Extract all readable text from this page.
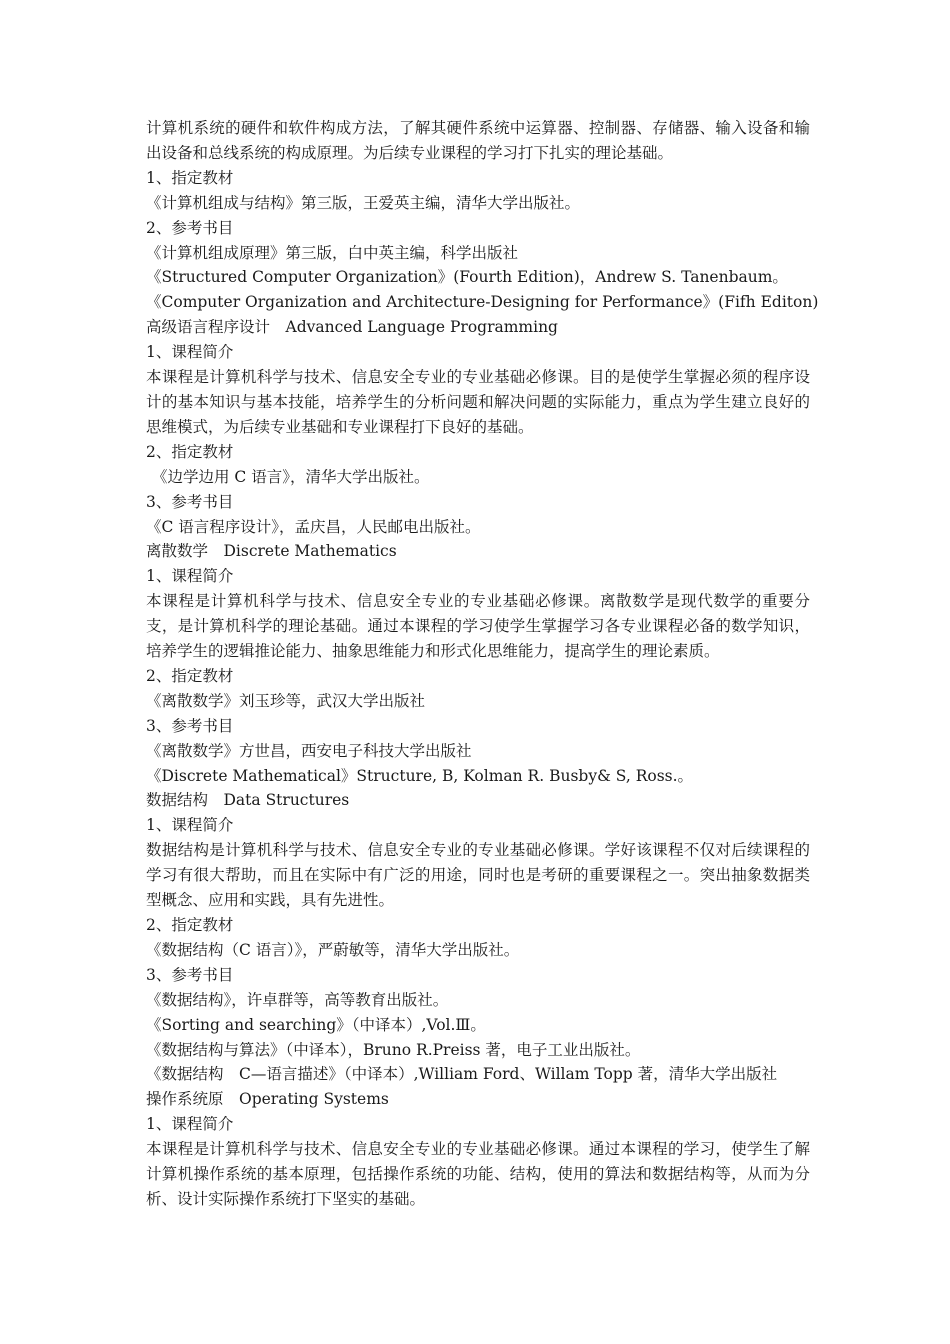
计算机系统的硬件和软件构成方法，了解其硬件系统中运算器、控制器、存储器、输入设备和输出设备和总线系统的构成原理。为后续专业课程的学习打下扎实的理论基础。

1、指定教材

《计算机组成与结构》第三版，王爱英主编，清华大学出版社。

2、参考书目

《计算机组成原理》第三版，白中英主编，科学出版社

《Structured Computer Organization》(Fourth Edition)，Andrew S. Tanenbaum。

《Computer Organization and Architecture-Designing for Performance》(Fifh Editon)

高级语言程序设计　Advanced Language Programming

1、课程简介

本课程是计算机科学与技术、信息安全专业的专业基础必修课。目的是使学生掌握必须的程序设计的基本知识与基本技能，培养学生的分析问题和解决问题的实际能力，重点为学生建立良好的思维模式，为后续专业基础和专业课程打下良好的基础。

2、指定教材

《边学边用 C 语言》，清华大学出版社。

3、参考书目

《C 语言程序设计》，孟庆昌，人民邮电出版社。

离散数学　Discrete Mathematics

1、课程简介

本课程是计算机科学与技术、信息安全专业的专业基础必修课。离散数学是现代数学的重要分支，是计算机科学的理论基础。通过本课程的学习使学生掌握学习各专业课程必备的数学知识，培养学生的逻辑推论能力、抽象思维能力和形式化思维能力，提高学生的理论素质。

2、指定教材

《离散数学》刘玉珍等，武汉大学出版社

3、参考书目

《离散数学》方世昌，西安电子科技大学出版社

《Discrete Mathematical》Structure, B, Kolman R. Busby& S, Ross.。

数据结构　Data Structures

1、课程简介

数据结构是计算机科学与技术、信息安全专业的专业基础必修课。学好该课程不仅对后续课程的学习有很大帮助，而且在实际中有广泛的用途，同时也是考研的重要课程之一。突出抽象数据类型概念、应用和实践，具有先进性。

2、指定教材

《数据结构（C 语言）》，严蔚敏等，清华大学出版社。

3、参考书目

《数据结构》，许卓群等，高等教育出版社。

《Sorting and searching》（中译本）,Vol.Ⅲ。

《数据结构与算法》（中译本），Bruno R.Preiss 著，电子工业出版社。

《数据结构　C—语言描述》（中译本）,William Ford、Willam Topp 著，清华大学出版社

操作系统原　Operating Systems

1、课程简介

本课程是计算机科学与技术、信息安全专业的专业基础必修课。通过本课程的学习，使学生了解计算机操作系统的基本原理，包括操作系统的功能、结构，使用的算法和数据结构等，从而为分析、设计实际操作系统打下坚实的基础。
